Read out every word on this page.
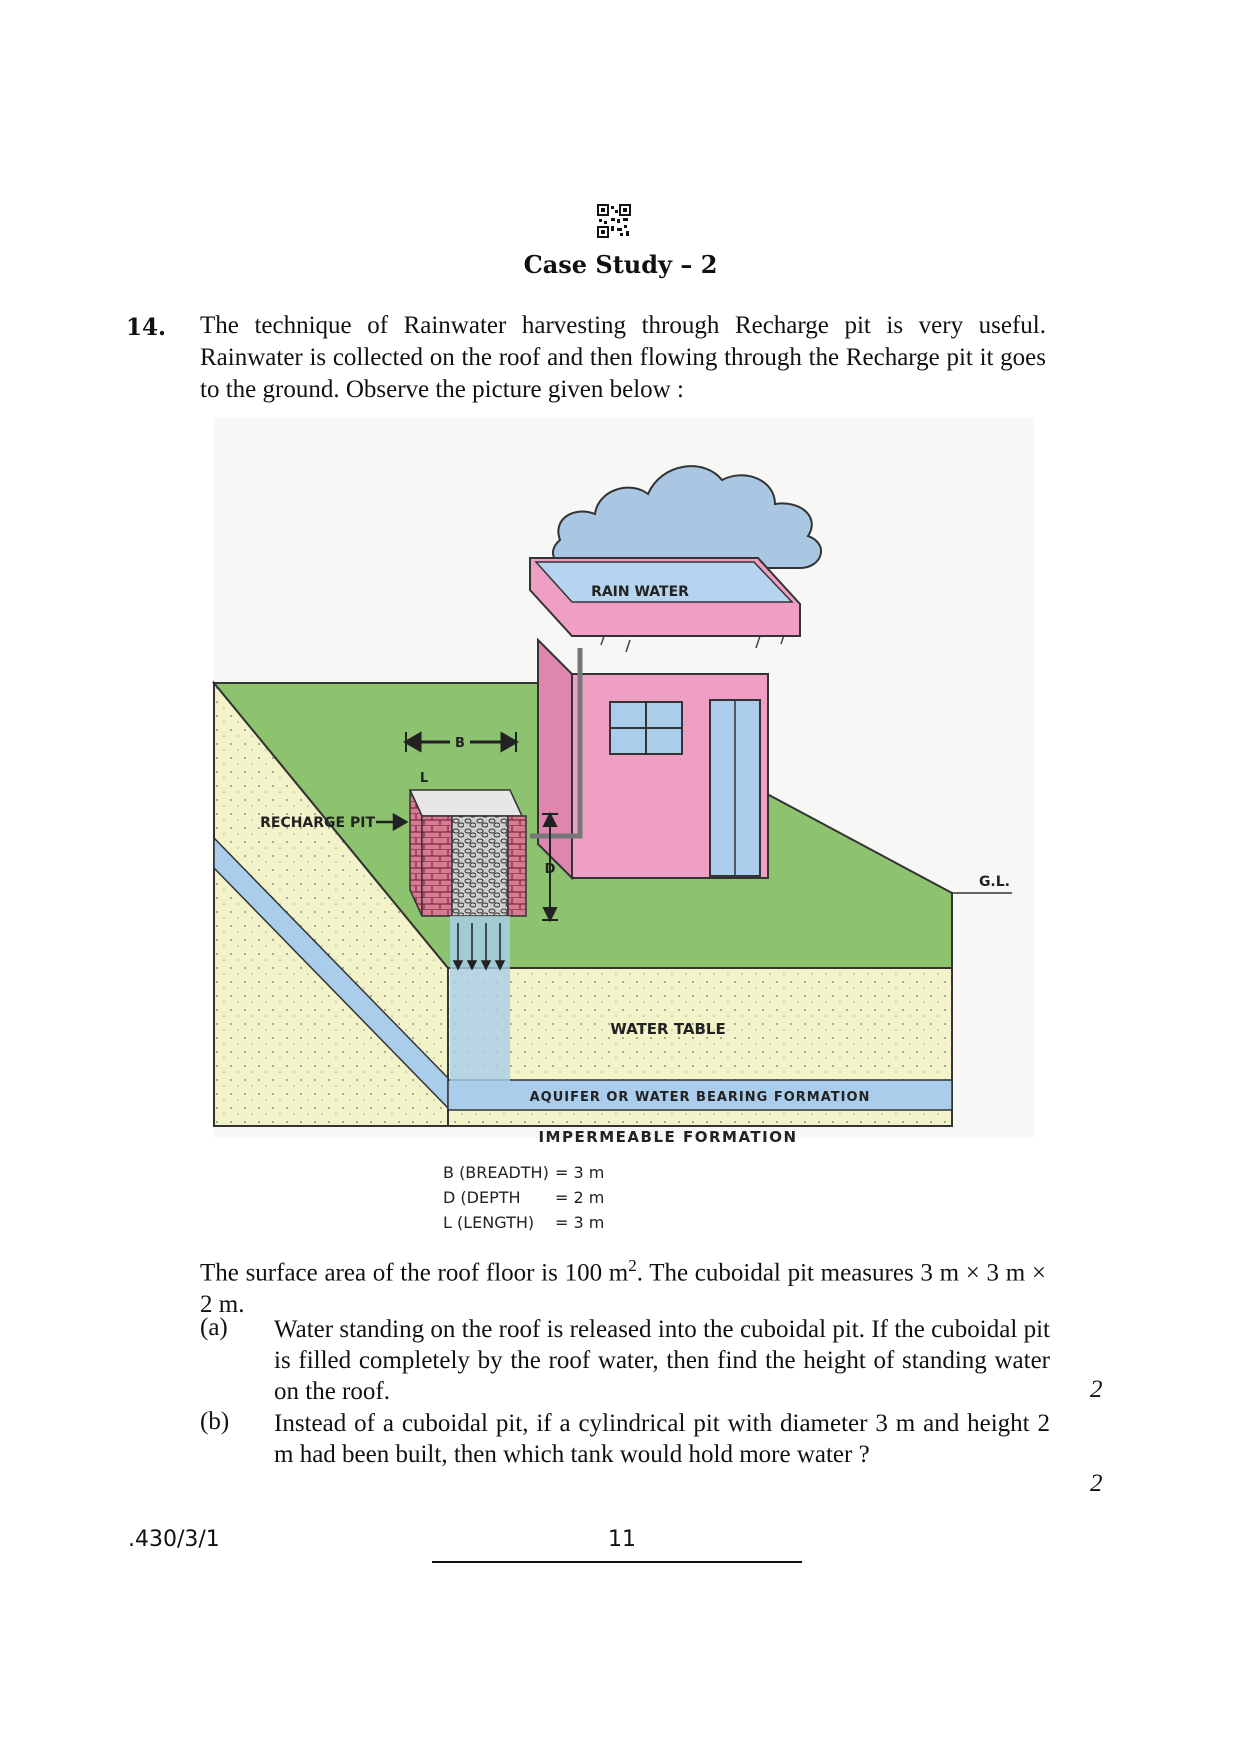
Case Study – 2
14. The technique of Rainwater harvesting through Recharge pit is very useful. Rainwater is collected on the roof and then flowing through the Recharge pit it goes to the ground. Observe the picture given below :
AQUIFER OR WATER BEARING FORMATION
IMPERMEABLE FORMATION
G.L.
WATER TABLE
RAIN WATER
B
L
D
RECHARGE PIT
B (BREADTH) = 3 m
D (DEPTH = 2 m
L (LENGTH) = 3 m
The surface area of the roof floor is 100 $m^2$. The cuboidal pit measures 3 m × 3 m × 2 m.
(a) Water standing on the roof is released into the cuboidal pit. If the cuboidal pit is filled completely by the roof water, then find the height of standing water on the roof.	2
(b) Instead of a cuboidal pit, if a cylindrical pit with diameter 3 m and height 2 m had been built, then which tank would hold more water ?
2
.430/3/1	11
